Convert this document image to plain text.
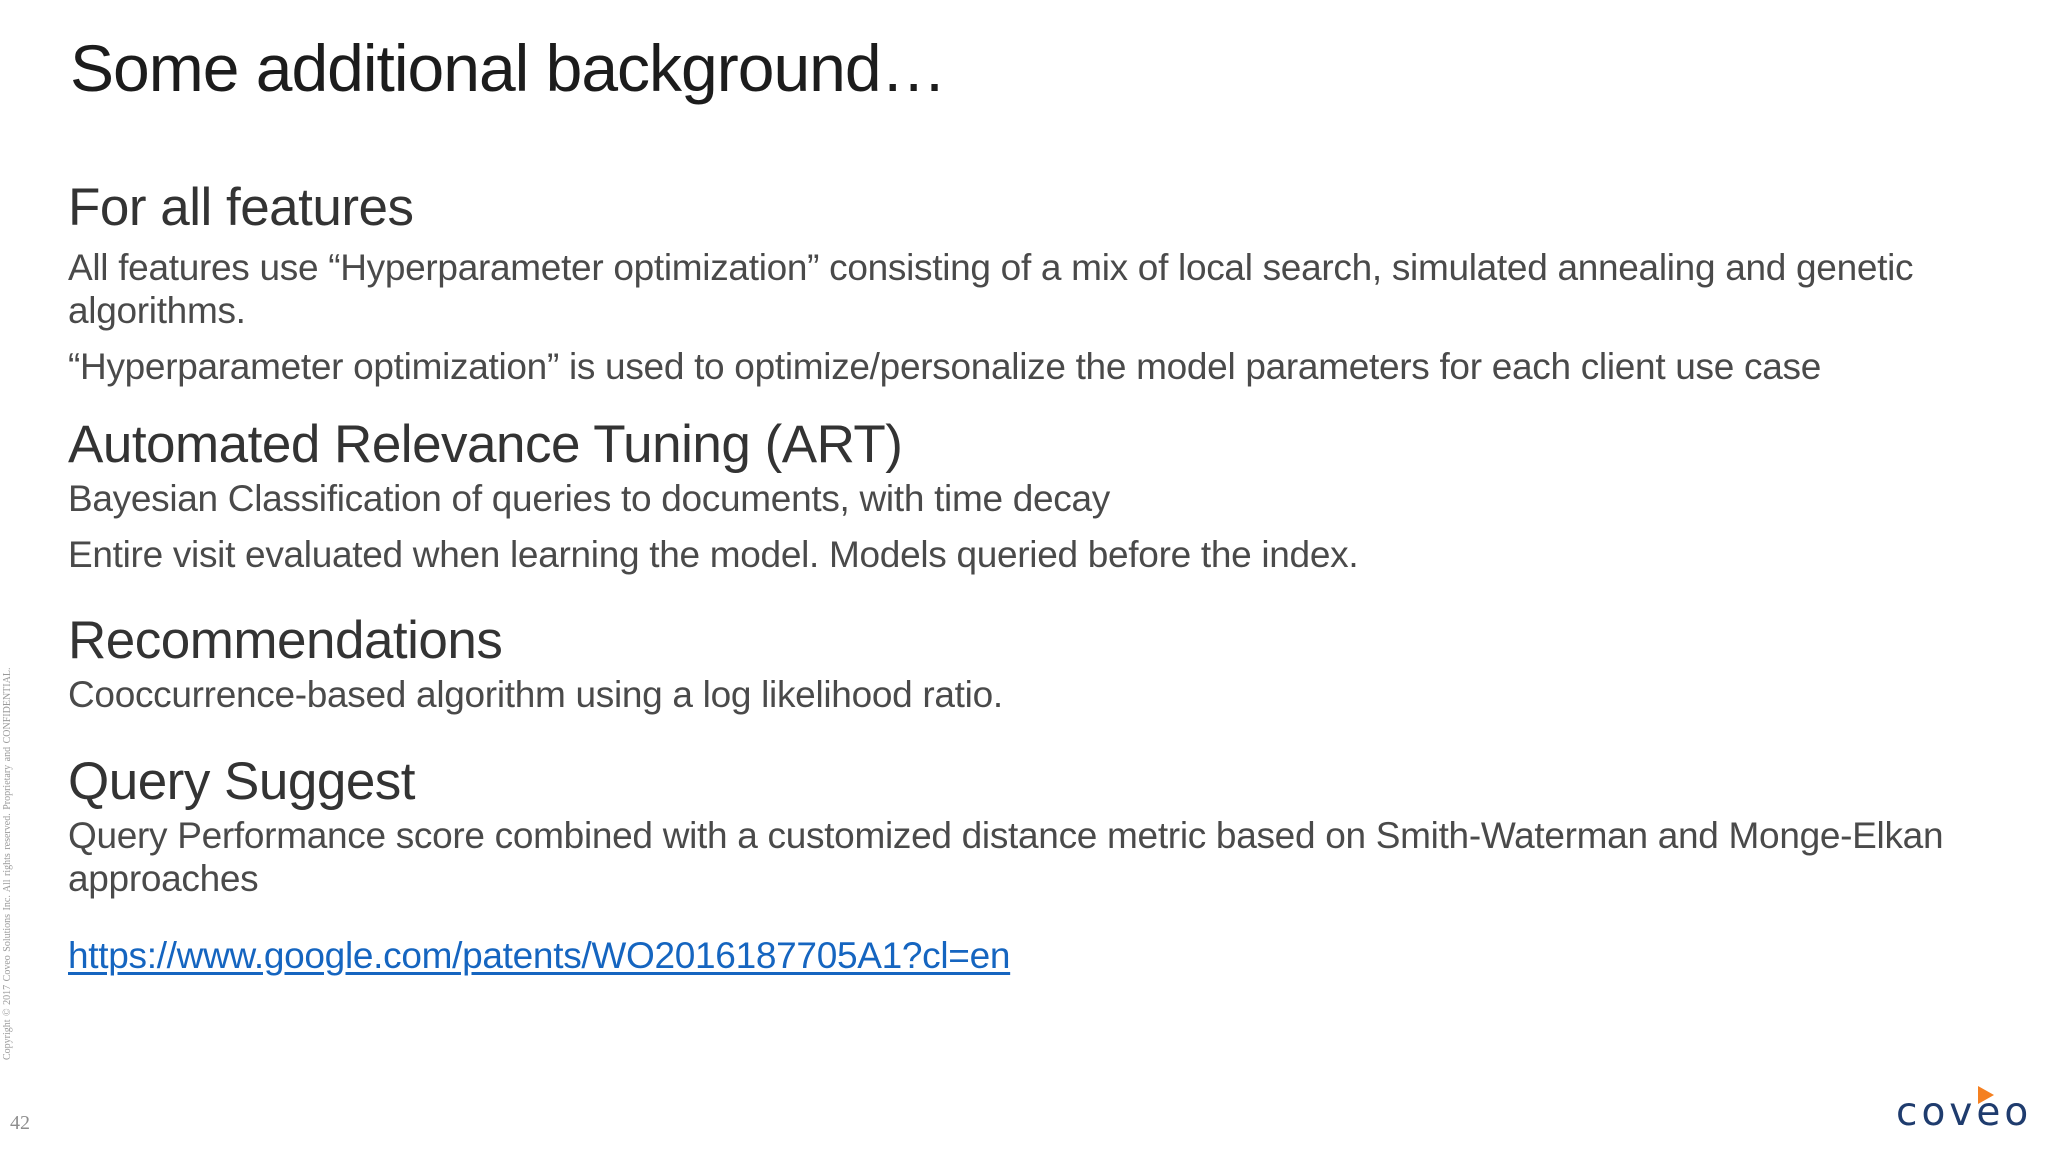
Some additional background…
For all features

All features use “Hyperparameter optimization” consisting of a mix of local search, simulated annealing and genetic algorithms.

“Hyperparameter optimization” is used to optimize/personalize the model parameters for each client use case

Automated Relevance Tuning (ART)

Bayesian Classification of queries to documents, with time decay

Entire visit evaluated when learning the model. Models queried before the index.

Recommendations

Cooccurrence-based algorithm using a log likelihood ratio.

Query Suggest

Query Performance score combined with a customized distance metric based on Smith-Waterman and Monge-Elkan approaches

https://www.google.com/patents/WO2016187705A1?cl=en
Copyright © 2017 Coveo Solutions Inc. All rights reserved. Proprietary and CONFIDENTIAL.
42	coveo
